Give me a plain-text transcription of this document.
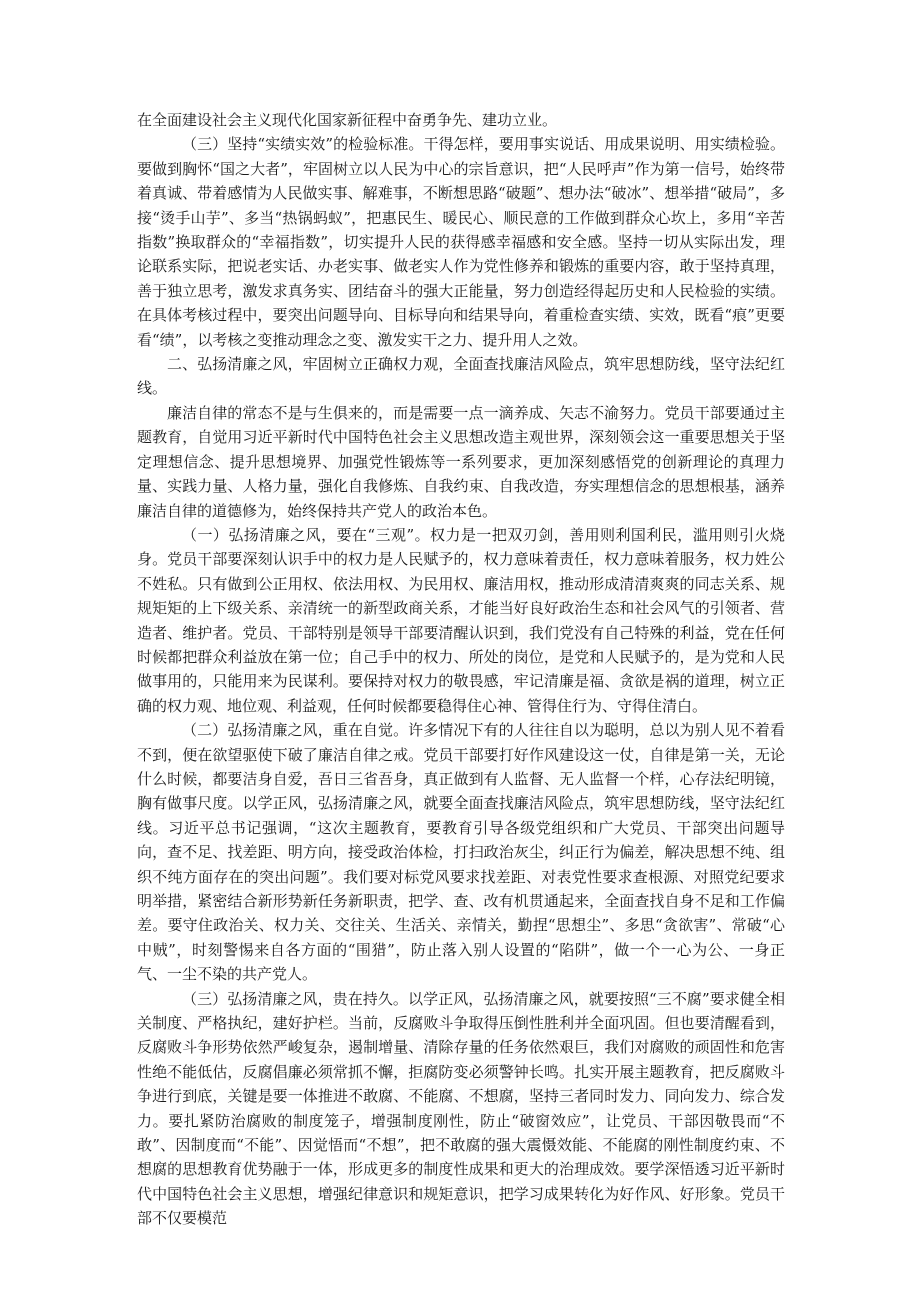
在全面建设社会主义现代化国家新征程中奋勇争先、建功立业。

（三）坚持“实绩实效”的检验标准。干得怎样，要用事实说话、用成果说明、用实绩检验。要做到胸怀“国之大者”，牢固树立以人民为中心的宗旨意识，把“人民呼声”作为第一信号，始终带着真诚、带着感情为人民做实事、解难事，不断想思路“破题”、想办法“破冰”、想举措“破局”，多接“烫手山芋”、多当“热锅蚂蚁”，把惠民生、暖民心、顺民意的工作做到群众心坎上，多用“辛苦指数”换取群众的“幸福指数”，切实提升人民的获得感幸福感和安全感。坚持一切从实际出发，理论联系实际，把说老实话、办老实事、做老实人作为党性修养和锻炼的重要内容，敢于坚持真理，善于独立思考，激发求真务实、团结奋斗的强大正能量，努力创造经得起历史和人民检验的实绩。在具体考核过程中，要突出问题导向、目标导向和结果导向，着重检查实绩、实效，既看“痕”更要看“绩”，以考核之变推动理念之变、激发实干之力、提升用人之效。

二、弘扬清廉之风，牢固树立正确权力观，全面查找廉洁风险点，筑牢思想防线，坚守法纪红线。

廉洁自律的常态不是与生俱来的，而是需要一点一滴养成、矢志不渝努力。党员干部要通过主题教育，自觉用习近平新时代中国特色社会主义思想改造主观世界，深刻领会这一重要思想关于坚定理想信念、提升思想境界、加强党性锻炼等一系列要求，更加深刻感悟党的创新理论的真理力量、实践力量、人格力量，强化自我修炼、自我约束、自我改造，夯实理想信念的思想根基，涵养廉洁自律的道德修为，始终保持共产党人的政治本色。

（一）弘扬清廉之风，要在“三观”。权力是一把双刃剑，善用则利国利民，滥用则引火烧身。党员干部要深刻认识手中的权力是人民赋予的，权力意味着责任，权力意味着服务，权力姓公不姓私。只有做到公正用权、依法用权、为民用权、廉洁用权，推动形成清清爽爽的同志关系、规规矩矩的上下级关系、亲清统一的新型政商关系，才能当好良好政治生态和社会风气的引领者、营造者、维护者。党员、干部特别是领导干部要清醒认识到，我们党没有自己特殊的利益，党在任何时候都把群众利益放在第一位；自己手中的权力、所处的岗位，是党和人民赋予的，是为党和人民做事用的，只能用来为民谋利。要保持对权力的敬畏感，牢记清廉是福、贪欲是祸的道理，树立正确的权力观、地位观、利益观，任何时候都要稳得住心神、管得住行为、守得住清白。

（二）弘扬清廉之风，重在自觉。许多情况下有的人往往自以为聪明，总以为别人见不着看不到，便在欲望驱使下破了廉洁自律之戒。党员干部要打好作风建设这一仗，自律是第一关，无论什么时候，都要洁身自爱，吾日三省吾身，真正做到有人监督、无人监督一个样，心存法纪明镜，胸有做事尺度。以学正风，弘扬清廉之风，就要全面查找廉洁风险点，筑牢思想防线，坚守法纪红线。习近平总书记强调，“这次主题教育，要教育引导各级党组织和广大党员、干部突出问题导向，查不足、找差距、明方向，接受政治体检，打扫政治灰尘，纠正行为偏差，解决思想不纯、组织不纯方面存在的突出问题”。我们要对标党风要求找差距、对表党性要求查根源、对照党纪要求明举措，紧密结合新形势新任务新职责，把学、查、改有机贯通起来，全面查找自身不足和工作偏差。要守住政治关、权力关、交往关、生活关、亲情关，勤捏“思想尘”、多思“贪欲害”、常破“心中贼”，时刻警惕来自各方面的“围猎”，防止落入别人设置的“陷阱”，做一个一心为公、一身正气、一尘不染的共产党人。

（三）弘扬清廉之风，贵在持久。以学正风，弘扬清廉之风，就要按照“三不腐”要求健全相关制度、严格执纪，建好护栏。当前，反腐败斗争取得压倒性胜利并全面巩固。但也要清醒看到，反腐败斗争形势依然严峻复杂，遏制增量、清除存量的任务依然艰巨，我们对腐败的顽固性和危害性绝不能低估，反腐倡廉必须常抓不懈，拒腐防变必须警钟长鸣。扎实开展主题教育，把反腐败斗争进行到底，关键是要一体推进不敢腐、不能腐、不想腐，坚持三者同时发力、同向发力、综合发力。要扎紧防治腐败的制度笼子，增强制度刚性，防止“破窗效应”，让党员、干部因敬畏而“不敢”、因制度而“不能”、因觉悟而“不想”，把不敢腐的强大震慑效能、不能腐的刚性制度约束、不想腐的思想教育优势融于一体，形成更多的制度性成果和更大的治理成效。要学深悟透习近平新时代中国特色社会主义思想，增强纪律意识和规矩意识，把学习成果转化为好作风、好形象。党员干部不仅要模范
